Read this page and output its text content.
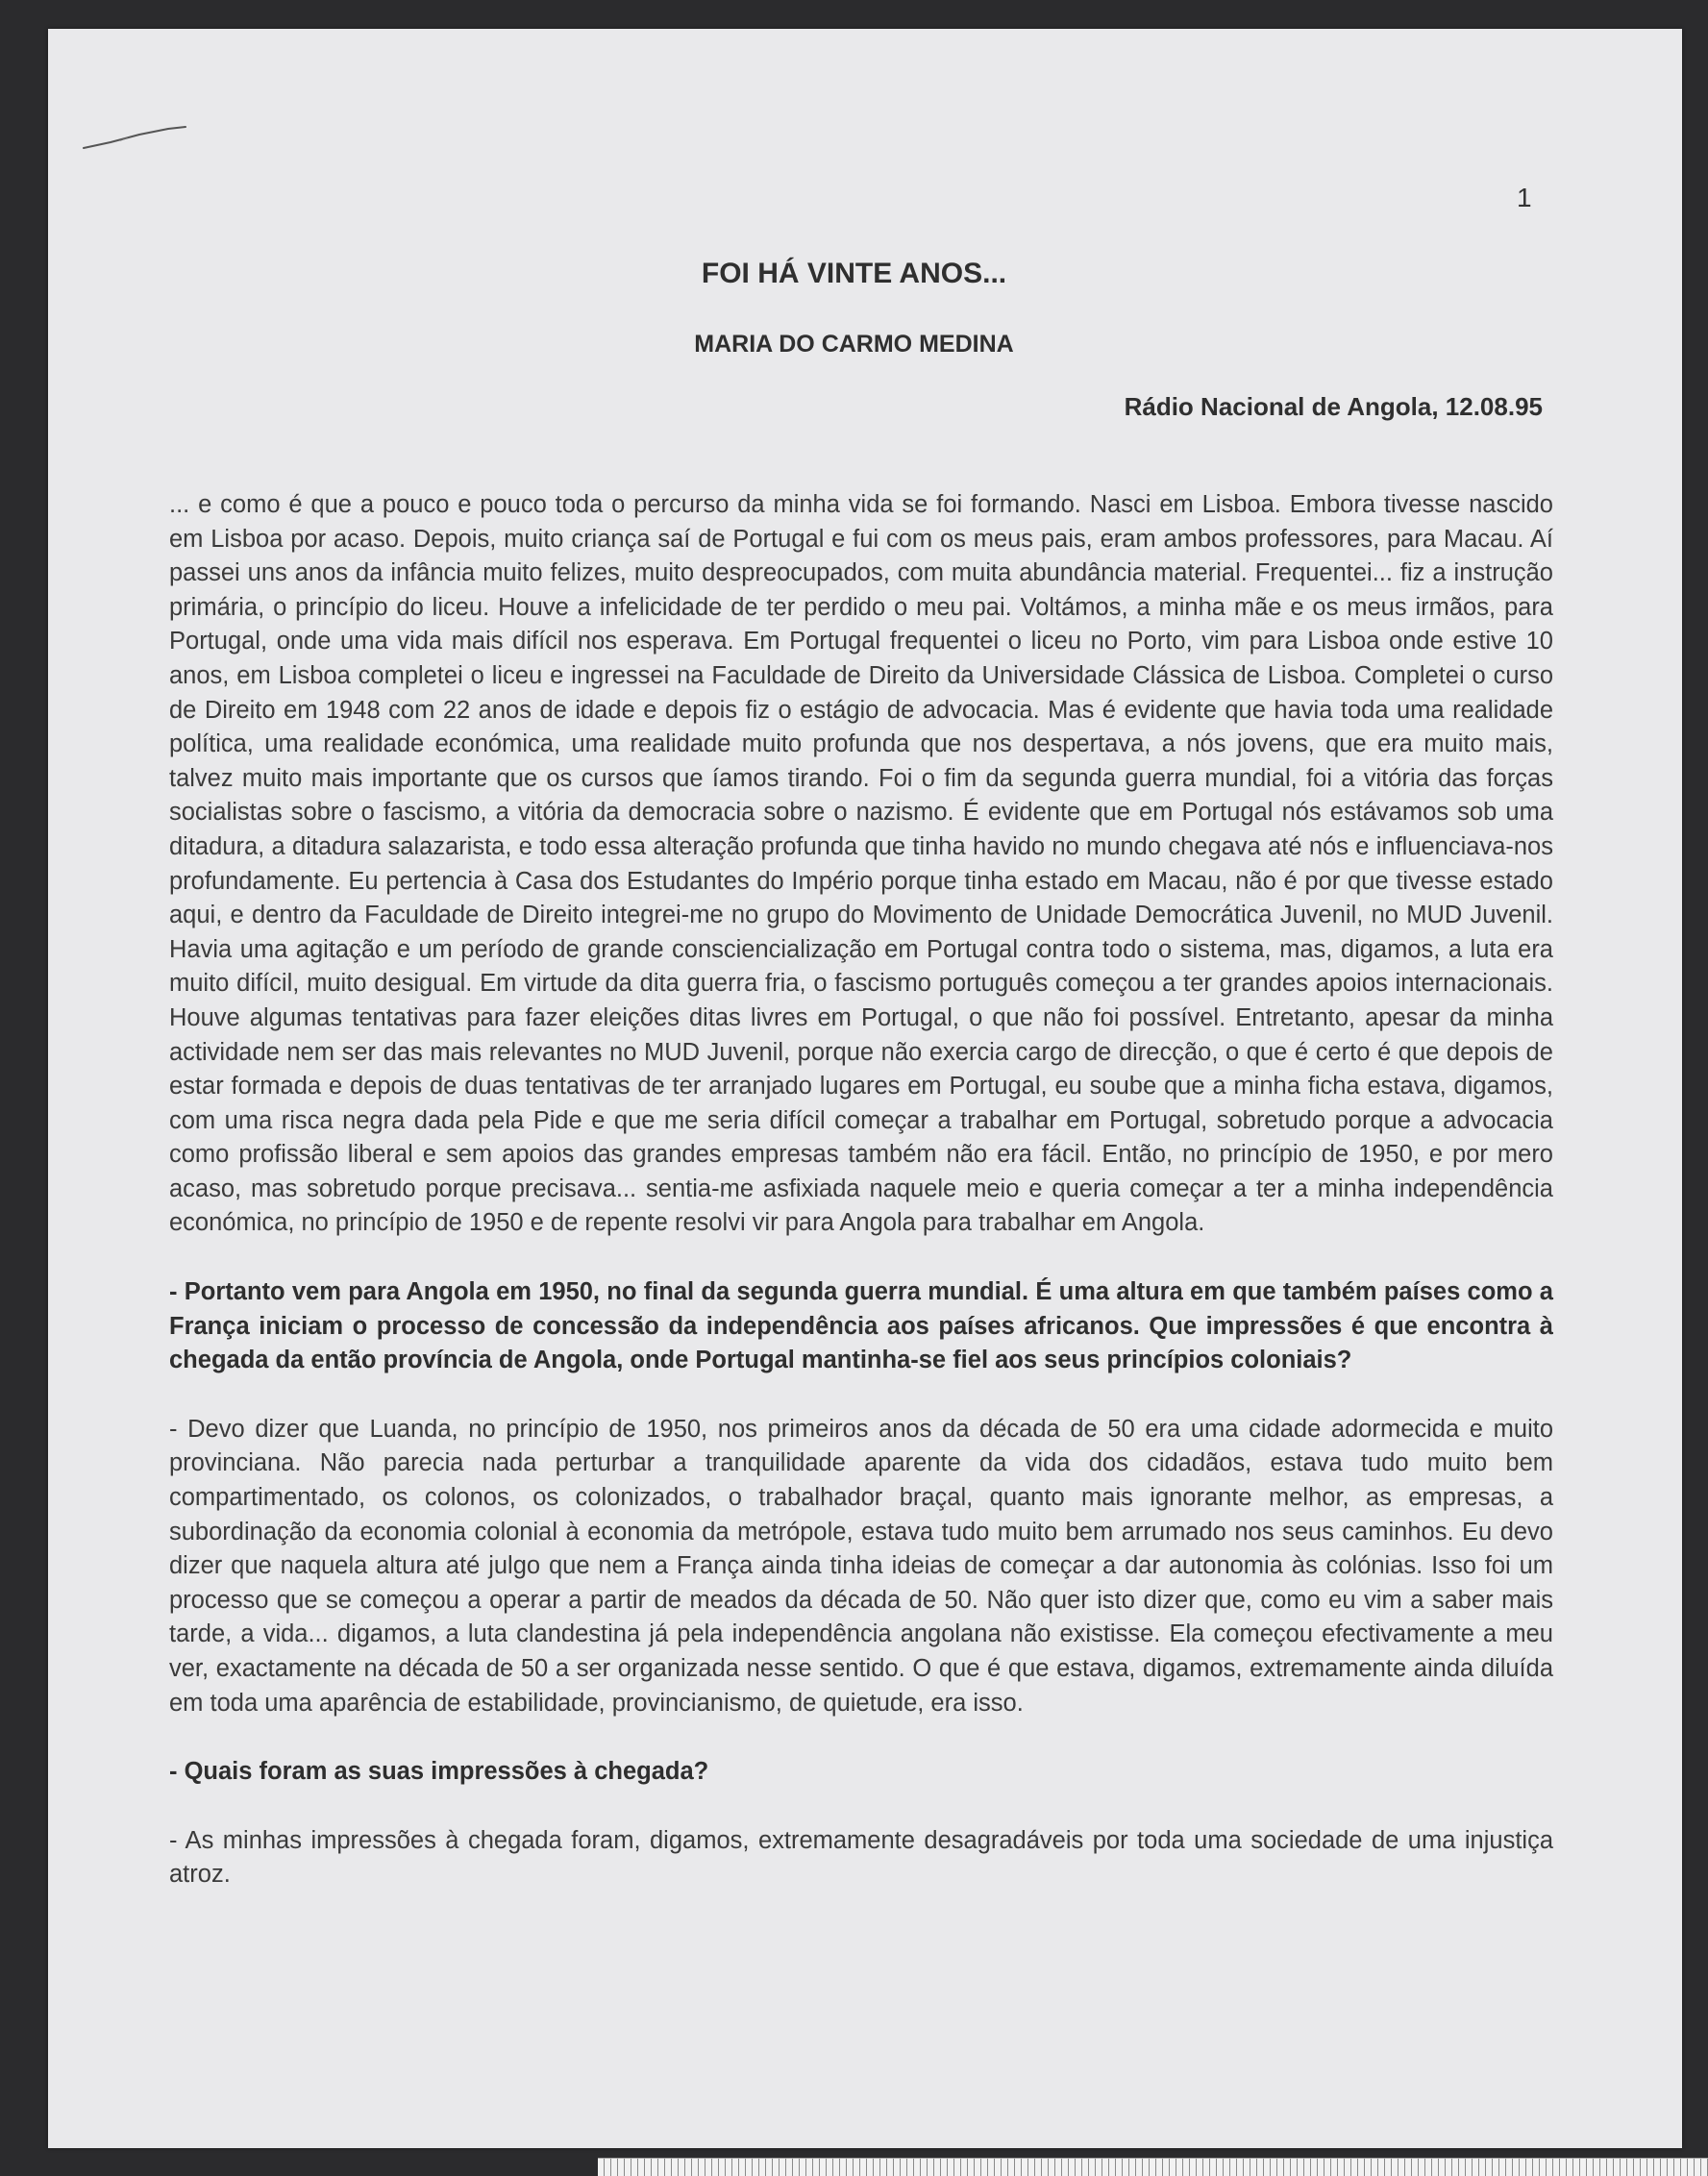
1
FOI HÁ VINTE ANOS...
MARIA DO CARMO MEDINA
Rádio Nacional de Angola, 12.08.95

... e como é que a pouco e pouco toda o percurso da minha vida se foi formando. Nasci em Lisboa. Embora tivesse nascido em Lisboa por acaso. Depois, muito criança saí de Portugal e fui com os meus pais, eram ambos professores, para Macau. Aí passei uns anos da infância muito felizes, muito despreocupados, com muita abundância material. Frequentei... fiz a instrução primária, o princípio do liceu. Houve a infelicidade de ter perdido o meu pai. Voltámos, a minha mãe e os meus irmãos, para Portugal, onde uma vida mais difícil nos esperava. Em Portugal frequentei o liceu no Porto, vim para Lisboa onde estive 10 anos, em Lisboa completei o liceu e ingressei na Faculdade de Direito da Universidade Clássica de Lisboa. Completei o curso de Direito em 1948 com 22 anos de idade e depois fiz o estágio de advocacia. Mas é evidente que havia toda uma realidade política, uma realidade económica, uma realidade muito profunda que nos despertava, a nós jovens, que era muito mais, talvez muito mais importante que os cursos que íamos tirando. Foi o fim da segunda guerra mundial, foi a vitória das forças socialistas sobre o fascismo, a vitória da democracia sobre o nazismo. É evidente que em Portugal nós estávamos sob uma ditadura, a ditadura salazarista, e todo essa alteração profunda que tinha havido no mundo chegava até nós e influenciava-nos profundamente. Eu pertencia à Casa dos Estudantes do Império porque tinha estado em Macau, não é por que tivesse estado aqui, e dentro da Faculdade de Direito integrei-me no grupo do Movimento de Unidade Democrática Juvenil, no MUD Juvenil. Havia uma agitação e um período de grande consciencialização em Portugal contra todo o sistema, mas, digamos, a luta era muito difícil, muito desigual. Em virtude da dita guerra fria, o fascismo português começou a ter grandes apoios internacionais. Houve algumas tentativas para fazer eleições ditas livres em Portugal, o que não foi possível. Entretanto, apesar da minha actividade nem ser das mais relevantes no MUD Juvenil, porque não exercia cargo de direcção, o que é certo é que depois de estar formada e depois de duas tentativas de ter arranjado lugares em Portugal, eu soube que a minha ficha estava, digamos, com uma risca negra dada pela Pide e que me seria difícil começar a trabalhar em Portugal, sobretudo porque a advocacia como profissão liberal e sem apoios das grandes empresas também não era fácil. Então, no princípio de 1950, e por mero acaso, mas sobretudo porque precisava... sentia-me asfixiada naquele meio e queria começar a ter a minha independência económica, no princípio de 1950 e de repente resolvi vir para Angola para trabalhar em Angola.

- Portanto vem para Angola em 1950, no final da segunda guerra mundial. É uma altura em que também países como a França iniciam o processo de concessão da independência aos países africanos. Que impressões é que encontra à chegada da então província de Angola, onde Portugal mantinha-se fiel aos seus princípios coloniais?

- Devo dizer que Luanda, no princípio de 1950, nos primeiros anos da década de 50 era uma cidade adormecida e muito provinciana. Não parecia nada perturbar a tranquilidade aparente da vida dos cidadãos, estava tudo muito bem compartimentado, os colonos, os colonizados, o trabalhador braçal, quanto mais ignorante melhor, as empresas, a subordinação da economia colonial à economia da metrópole, estava tudo muito bem arrumado nos seus caminhos. Eu devo dizer que naquela altura até julgo que nem a França ainda tinha ideias de começar a dar autonomia às colónias. Isso foi um processo que se começou a operar a partir de meados da década de 50. Não quer isto dizer que, como eu vim a saber mais tarde, a vida... digamos, a luta clandestina já pela independência angolana não existisse. Ela começou efectivamente a meu ver, exactamente na década de 50 a ser organizada nesse sentido. O que é que estava, digamos, extremamente ainda diluída em toda uma aparência de estabilidade, provincianismo, de quietude, era isso.

- Quais foram as suas impressões à chegada?

- As minhas impressões à chegada foram, digamos, extremamente desagradáveis por toda uma sociedade de uma injustiça atroz.
